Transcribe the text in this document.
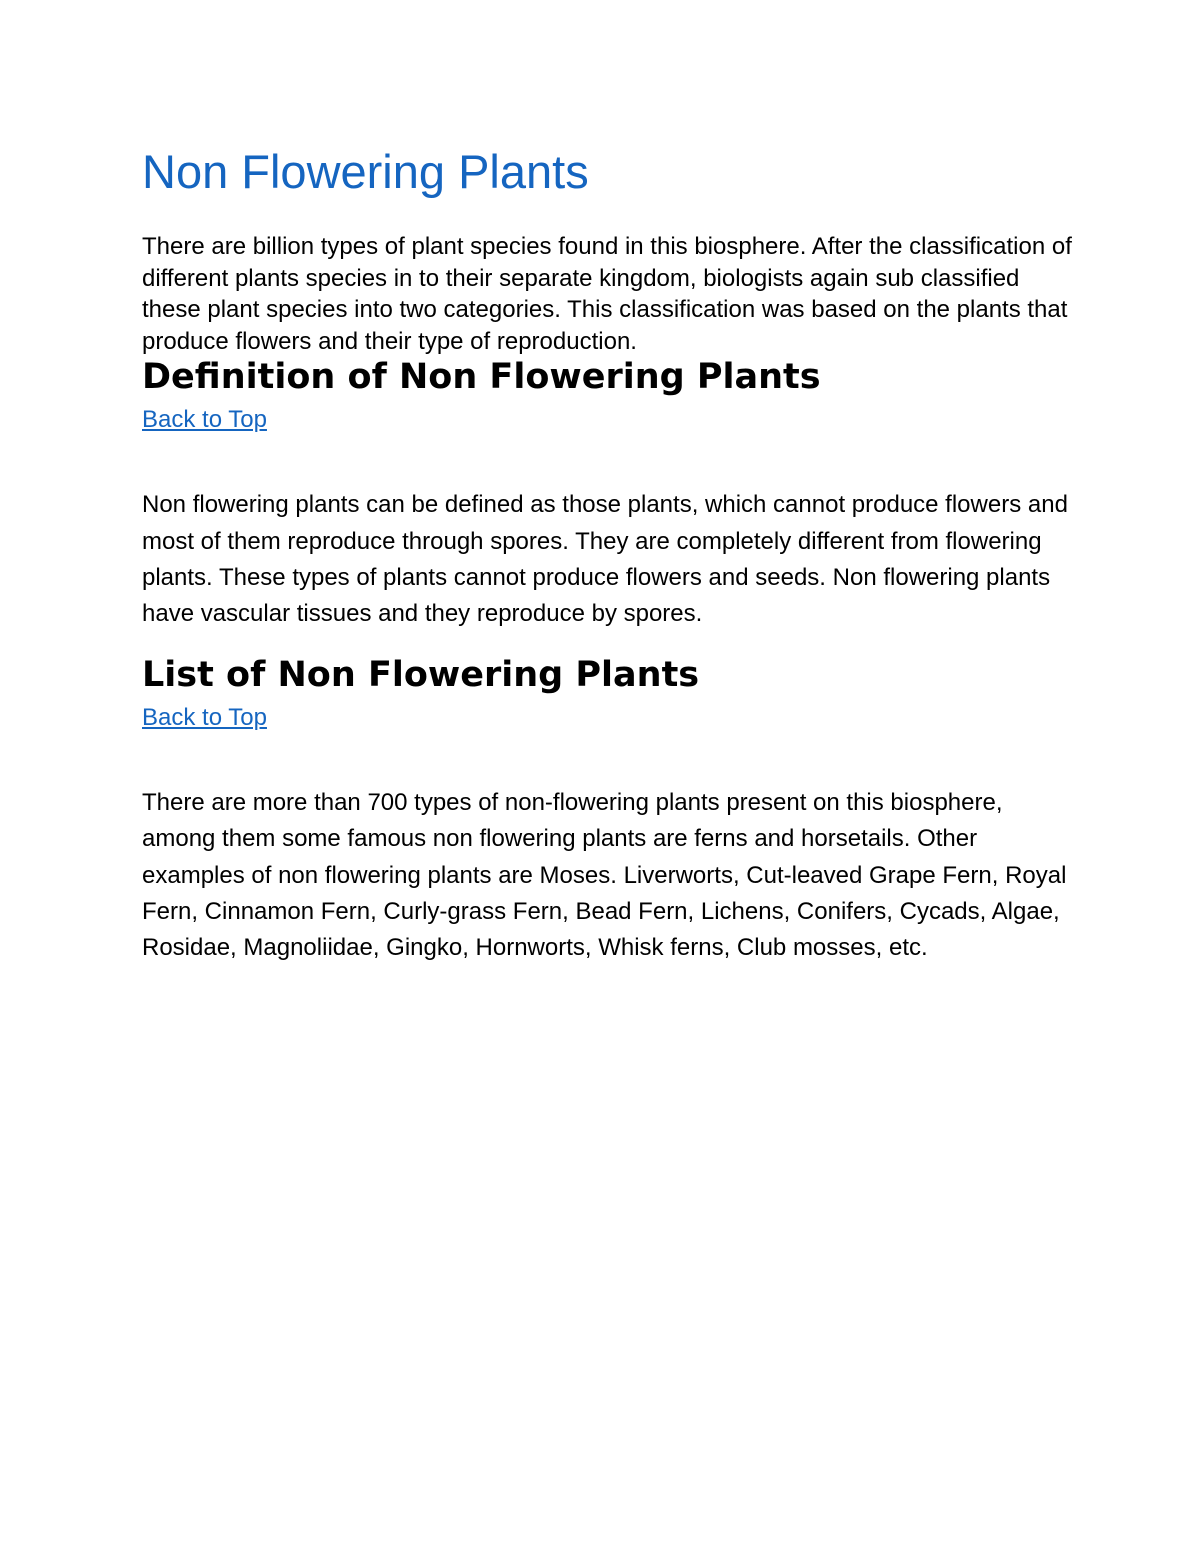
Non Flowering Plants

There are billion types of plant species found in this biosphere. After the classification of different plants species in to their separate kingdom, biologists again sub classified these plant species into two categories. This classification was based on the plants that produce flowers and their type of reproduction.

Definition of Non Flowering Plants
Back to Top

Non flowering plants can be defined as those plants, which cannot produce flowers and most of them reproduce through spores. They are completely different from flowering plants. These types of plants cannot produce flowers and seeds. Non flowering plants have vascular tissues and they reproduce by spores.

List of Non Flowering Plants
Back to Top

There are more than 700 types of non-flowering plants present on this biosphere, among them some famous non flowering plants are ferns and horsetails. Other examples of non flowering plants are Moses. Liverworts, Cut-leaved Grape Fern, Royal Fern, Cinnamon Fern, Curly-grass Fern, Bead Fern, Lichens, Conifers, Cycads, Algae, Rosidae, Magnoliidae, Gingko, Hornworts, Whisk ferns, Club mosses, etc.
